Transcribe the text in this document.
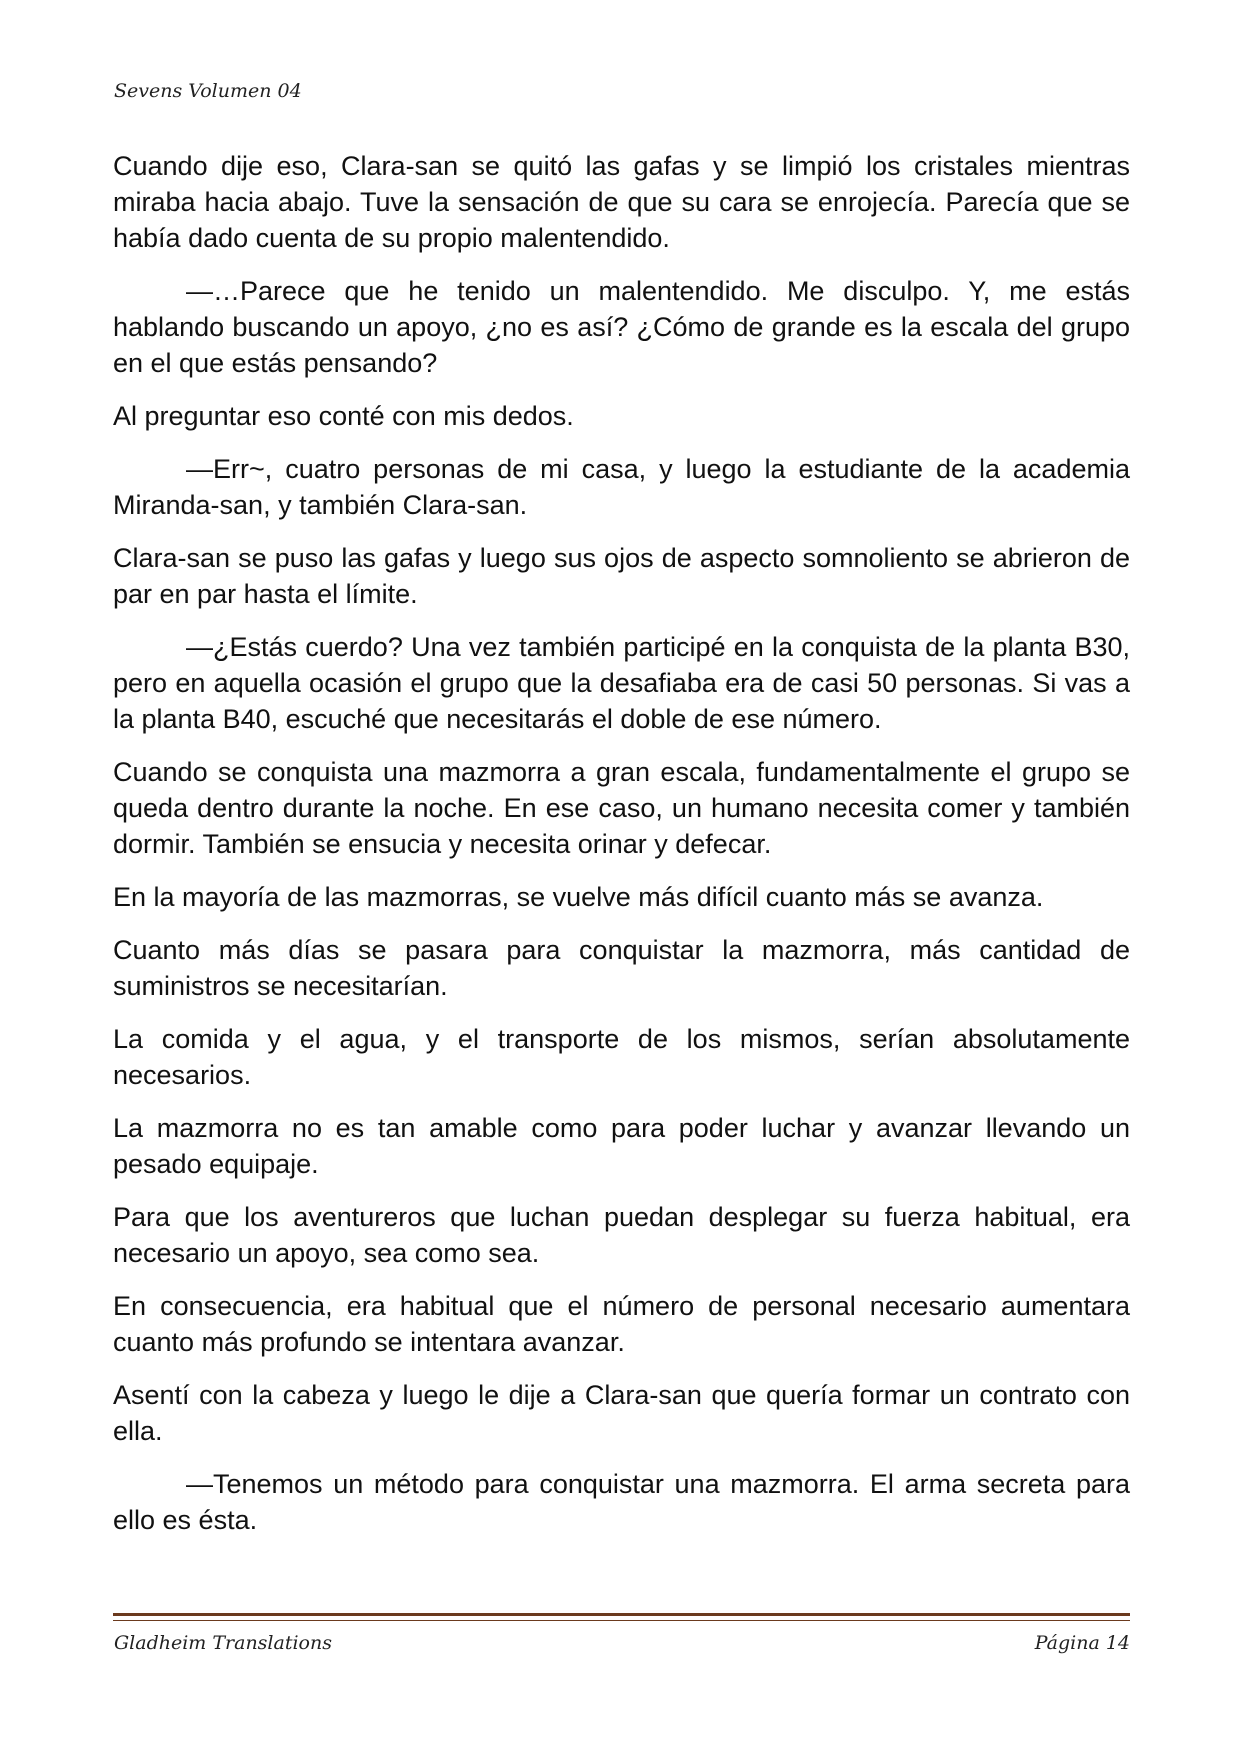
Sevens Volumen 04

Cuando dije eso, Clara-san se quitó las gafas y se limpió los cristales mientras miraba hacia abajo. Tuve la sensación de que su cara se enrojecía. Parecía que se había dado cuenta de su propio malentendido.

—…Parece que he tenido un malentendido. Me disculpo. Y, me estás hablando buscando un apoyo, ¿no es así? ¿Cómo de grande es la escala del grupo en el que estás pensando?

Al preguntar eso conté con mis dedos.

—Err~, cuatro personas de mi casa, y luego la estudiante de la academia Miranda-san, y también Clara-san.

Clara-san se puso las gafas y luego sus ojos de aspecto somnoliento se abrieron de par en par hasta el límite.

—¿Estás cuerdo? Una vez también participé en la conquista de la planta B30, pero en aquella ocasión el grupo que la desafiaba era de casi 50 personas. Si vas a la planta B40, escuché que necesitarás el doble de ese número.

Cuando se conquista una mazmorra a gran escala, fundamentalmente el grupo se queda dentro durante la noche. En ese caso, un humano necesita comer y también dormir. También se ensucia y necesita orinar y defecar.

En la mayoría de las mazmorras, se vuelve más difícil cuanto más se avanza.

Cuanto más días se pasara para conquistar la mazmorra, más cantidad de suministros se necesitarían.

La comida y el agua, y el transporte de los mismos, serían absolutamente necesarios.

La mazmorra no es tan amable como para poder luchar y avanzar llevando un pesado equipaje.

Para que los aventureros que luchan puedan desplegar su fuerza habitual, era necesario un apoyo, sea como sea.

En consecuencia, era habitual que el número de personal necesario aumentara cuanto más profundo se intentara avanzar.

Asentí con la cabeza y luego le dije a Clara-san que quería formar un contrato con ella.

—Tenemos un método para conquistar una mazmorra. El arma secreta para ello es ésta.

Gladheim Translations	Página 14
